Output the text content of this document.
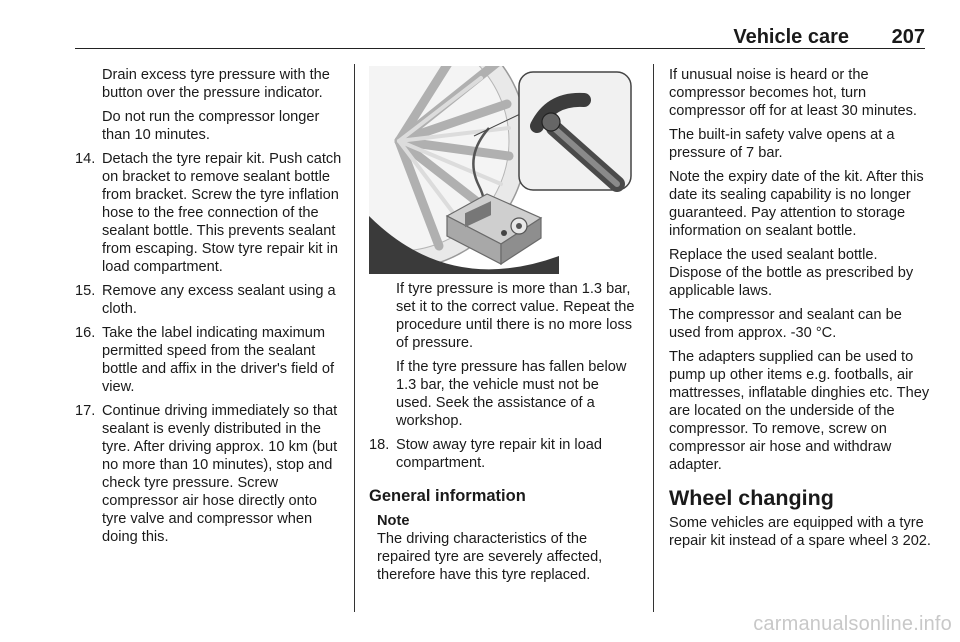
Vehicle care 207

Drain excess tyre pressure with the button over the pressure indicator.

Do not run the compressor longer than 10 minutes.

14. Detach the tyre repair kit. Push catch on bracket to remove sealant bottle from bracket. Screw the tyre inflation hose to the free connection of the sealant bottle. This prevents sealant from escaping. Stow tyre repair kit in load compartment.
15. Remove any excess sealant using a cloth.
16. Take the label indicating maximum permitted speed from the sealant bottle and affix in the driver's field of view.
17. Continue driving immediately so that sealant is evenly distributed in the tyre. After driving approx. 10 km (but no more than 10 minutes), stop and check tyre pressure. Screw compressor air hose directly onto tyre valve and compressor when doing this.

If tyre pressure is more than 1.3 bar, set it to the correct value. Repeat the procedure until there is no more loss of pressure.

If the tyre pressure has fallen below 1.3 bar, the vehicle must not be used. Seek the assistance of a workshop.

18. Stow away tyre repair kit in load compartment.
General information
Note
The driving characteristics of the repaired tyre are severely affected, therefore have this tyre replaced.

If unusual noise is heard or the compressor becomes hot, turn compressor off for at least 30 minutes.

The built-in safety valve opens at a pressure of 7 bar.

Note the expiry date of the kit. After this date its sealing capability is no longer guaranteed. Pay attention to storage information on sealant bottle.

Replace the used sealant bottle. Dispose of the bottle as prescribed by applicable laws.

The compressor and sealant can be used from approx. -30 °C.

The adapters supplied can be used to pump up other items e.g. footballs, air mattresses, inflatable dinghies etc. They are located on the underside of the compressor. To remove, screw on compressor air hose and withdraw adapter.

Wheel changing

Some vehicles are equipped with a tyre repair kit instead of a spare wheel 3 202.

carmanualsonline.info
